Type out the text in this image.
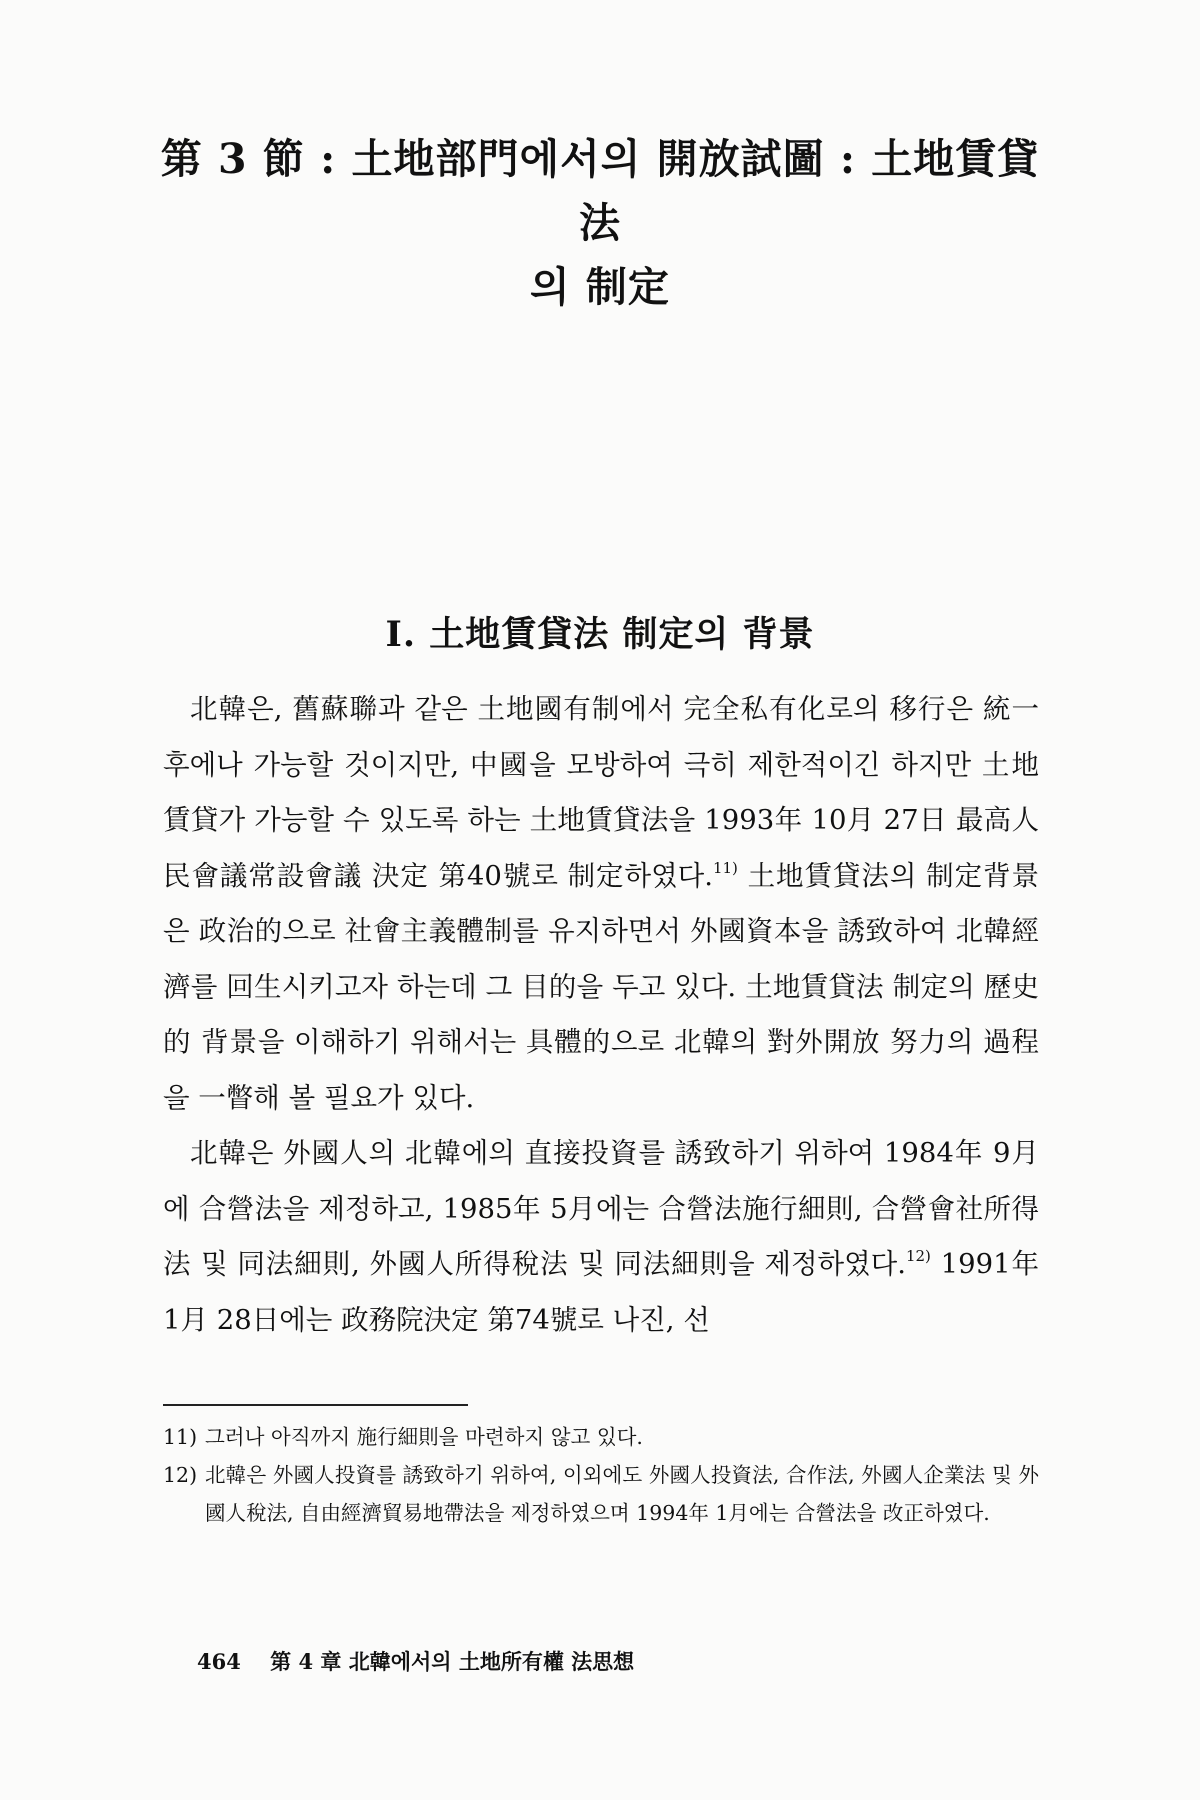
第 3 節 : 土地部門에서의 開放試圖 : 土地賃貸法
의 制定
Ⅰ. 土地賃貸法 制定의 背景

北韓은, 舊蘇聯과 같은 土地國有制에서 完全私有化로의 移行은 統一후에나 가능할 것이지만, 中國을 모방하여 극히 제한적이긴 하지만 土地賃貸가 가능할 수 있도록 하는 土地賃貸法을 1993年 10月 27日 最高人民會議常設會議 決定 第40號로 制定하였다.$^{11)}$ 土地賃貸法의 制定背景은 政治的으로 社會主義體制를 유지하면서 外國資本을 誘致하여 北韓經濟를 回生시키고자 하는데 그 目的을 두고 있다. 土地賃貸法 制定의 歷史的 背景을 이해하기 위해서는 具體的으로 北韓의 對外開放 努力의 過程을 一瞥해 볼 필요가 있다.

北韓은 外國人의 北韓에의 直接投資를 誘致하기 위하여 1984年 9月에 合營法을 제정하고, 1985年 5月에는 合營法施行細則, 合營會社所得法 및 同法細則, 外國人所得稅法 및 同法細則을 제정하였다.$^{12)}$ 1991年 1月 28日에는 政務院決定 第74號로 나진, 선

11) 그러나 아직까지 施行細則을 마련하지 않고 있다.
12) 北韓은 外國人投資를 誘致하기 위하여, 이외에도 外國人投資法, 合作法, 外國人企業法 및 外國人稅法, 自由經濟貿易地帶法을 제정하였으며 1994年 1月에는 合營法을 改正하였다.
464 第 4 章 北韓에서의 土地所有權 法思想
